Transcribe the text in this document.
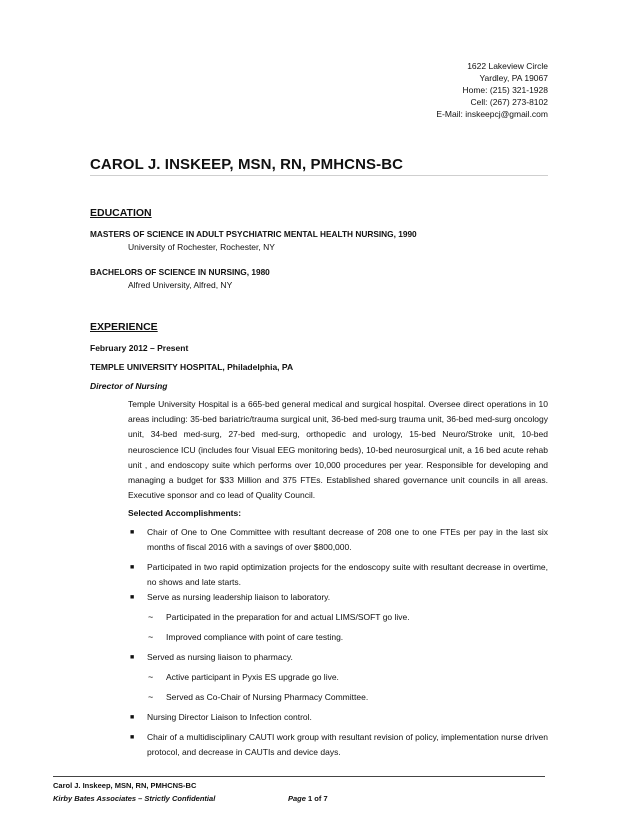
1622 Lakeview Circle
Yardley, PA 19067
Home: (215) 321-1928
Cell: (267) 273-8102
E-Mail: inskeepcj@gmail.com
CAROL J. INSKEEP, MSN, RN, PMHCNS-BC
EDUCATION
MASTERS OF SCIENCE IN ADULT PSYCHIATRIC MENTAL HEALTH NURSING, 1990
University of Rochester, Rochester, NY
BACHELORS OF SCIENCE IN NURSING, 1980
Alfred University, Alfred, NY
EXPERIENCE
February 2012 – Present
TEMPLE UNIVERSITY HOSPITAL, Philadelphia, PA
Director of Nursing
Temple University Hospital is a 665-bed general medical and surgical hospital. Oversee direct operations in 10 areas including: 35-bed bariatric/trauma surgical unit, 36-bed med-surg trauma unit, 36-bed med-surg oncology unit, 34-bed med-surg, 27-bed med-surg, orthopedic and urology, 15-bed Neuro/Stroke unit, 10-bed neuroscience ICU (includes four Visual EEG monitoring beds), 10-bed neurosurgical unit, a 16 bed acute rehab unit , and endoscopy suite which performs over 10,000 procedures per year. Responsible for developing and managing a budget for $33 Million and 375 FTEs. Established shared governance unit councils in all areas. Executive sponsor and co lead of Quality Council.
Selected Accomplishments:
■ Chair of One to One Committee with resultant decrease of 208 one to one FTEs per pay in the last six months of fiscal 2016 with a savings of over $800,000.
■ Participated in two rapid optimization projects for the endoscopy suite with resultant decrease in overtime, no shows and late starts.
■ Serve as nursing leadership liaison to laboratory.
~ Participated in the preparation for and actual LIMS/SOFT go live.
~ Improved compliance with point of care testing.
■ Served as nursing liaison to pharmacy.
~ Active participant in Pyxis ES upgrade go live.
~ Served as Co-Chair of Nursing Pharmacy Committee.
■ Nursing Director Liaison to Infection control.
■ Chair of a multidisciplinary CAUTI work group with resultant revision of policy, implementation nurse driven protocol, and decrease in CAUTIs and device days.
Carol J. Inskeep, MSN, RN, PMHCNS-BC
Kirby Bates Associates – Strictly Confidential	Page 1 of 7
